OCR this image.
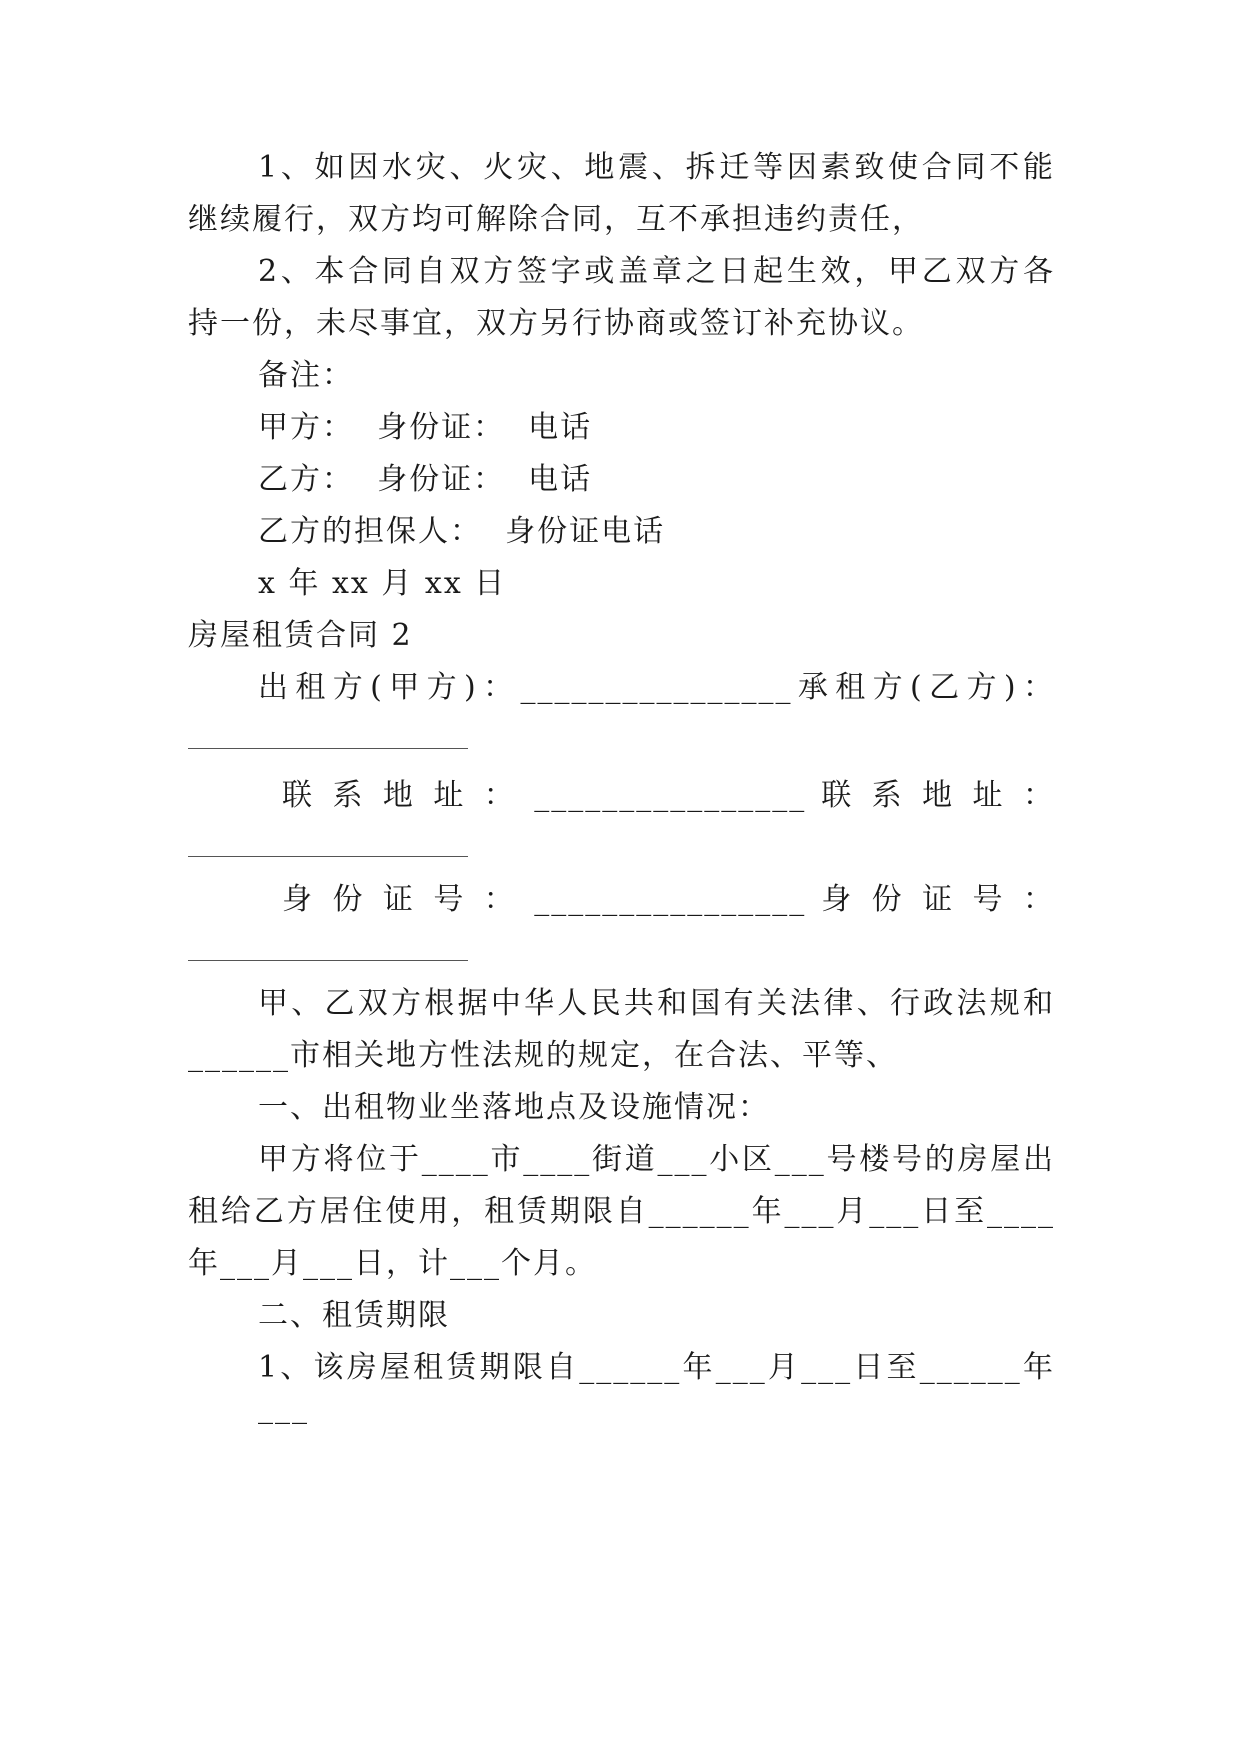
1、如因水灾、火灾、地震、拆迁等因素致使合同不能
继续履行，双方均可解除合同，互不承担违约责任，
2、本合同自双方签字或盖章之日起生效，甲乙双方各
持一份，未尽事宜，双方另行协商或签订补充协议。
备注：
甲方：  身份证：  电话
乙方：  身份证：  电话
乙方的担保人：  身份证电话
x 年 xx 月 xx 日
房屋租赁合同 2
出租方(甲方)：________________承租方(乙方)：
联 系 地 址 ： ________________ 联 系 地 址 ：
身 份 证 号 ： ________________ 身 份 证 号 ：
甲、乙双方根据中华人民共和国有关法律、行政法规和
______市相关地方性法规的规定，在合法、平等、
一、出租物业坐落地点及设施情况：
甲方将位于____市____街道___小区___号楼号的房屋出
租给乙方居住使用，租赁期限自______年___月___日至____
年___月___日，计___个月。
二、租赁期限
1、该房屋租赁期限自______年___月___日至______年___
